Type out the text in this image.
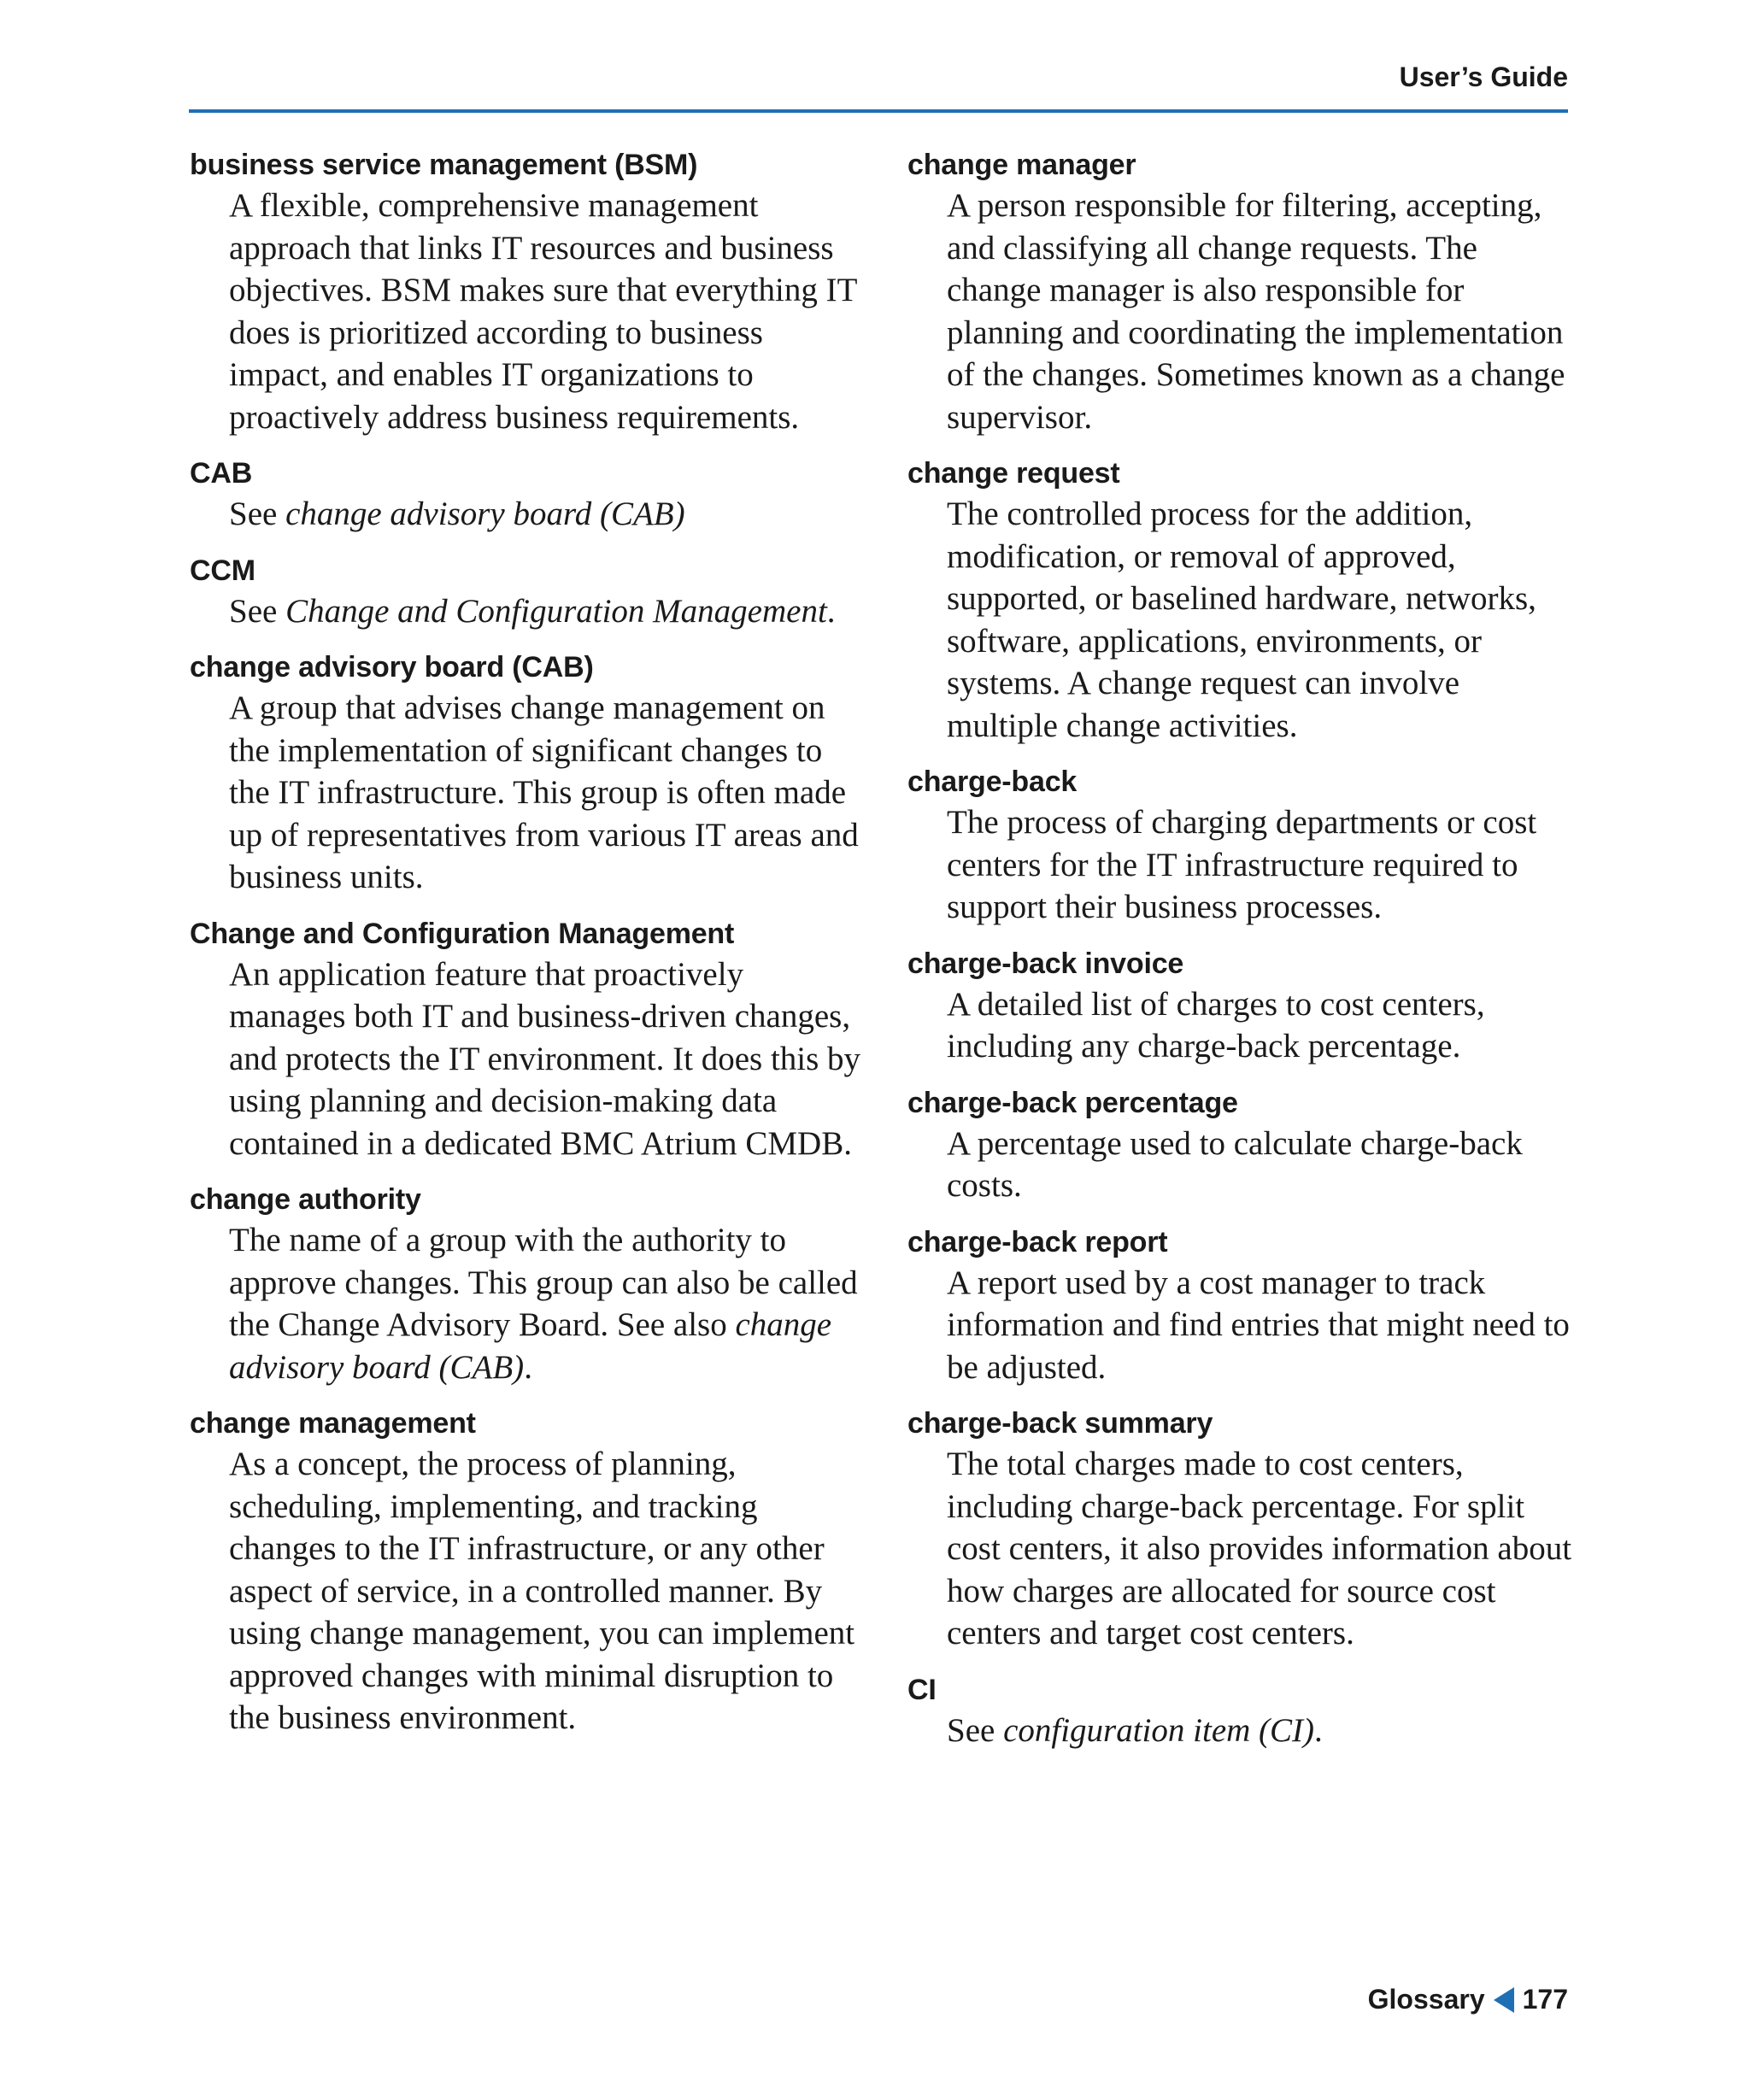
User’s Guide
business service management (BSM)
A flexible, comprehensive management approach that links IT resources and business objectives. BSM makes sure that everything IT does is prioritized according to business impact, and enables IT organizations to proactively address business requirements.
CAB
See change advisory board (CAB)
CCM
See Change and Configuration Management.
change advisory board (CAB)
A group that advises change management on the implementation of significant changes to the IT infrastructure. This group is often made up of representatives from various IT areas and business units.
Change and Configuration Management
An application feature that proactively manages both IT and business-driven changes, and protects the IT environment. It does this by using planning and decision-making data contained in a dedicated BMC Atrium CMDB.
change authority
The name of a group with the authority to approve changes. This group can also be called the Change Advisory Board. See also change advisory board (CAB).
change management
As a concept, the process of planning, scheduling, implementing, and tracking changes to the IT infrastructure, or any other aspect of service, in a controlled manner. By using change management, you can implement approved changes with minimal disruption to the business environment.
change manager
A person responsible for filtering, accepting, and classifying all change requests. The change manager is also responsible for planning and coordinating the implementation of the changes. Sometimes known as a change supervisor.
change request
The controlled process for the addition, modification, or removal of approved, supported, or baselined hardware, networks, software, applications, environments, or systems. A change request can involve multiple change activities.
charge-back
The process of charging departments or cost centers for the IT infrastructure required to support their business processes.
charge-back invoice
A detailed list of charges to cost centers, including any charge-back percentage.
charge-back percentage
A percentage used to calculate charge-back costs.
charge-back report
A report used by a cost manager to track information and find entries that might need to be adjusted.
charge-back summary
The total charges made to cost centers, including charge-back percentage. For split cost centers, it also provides information about how charges are allocated for source cost centers and target cost centers.
CI
See configuration item (CI).
Glossary 177
